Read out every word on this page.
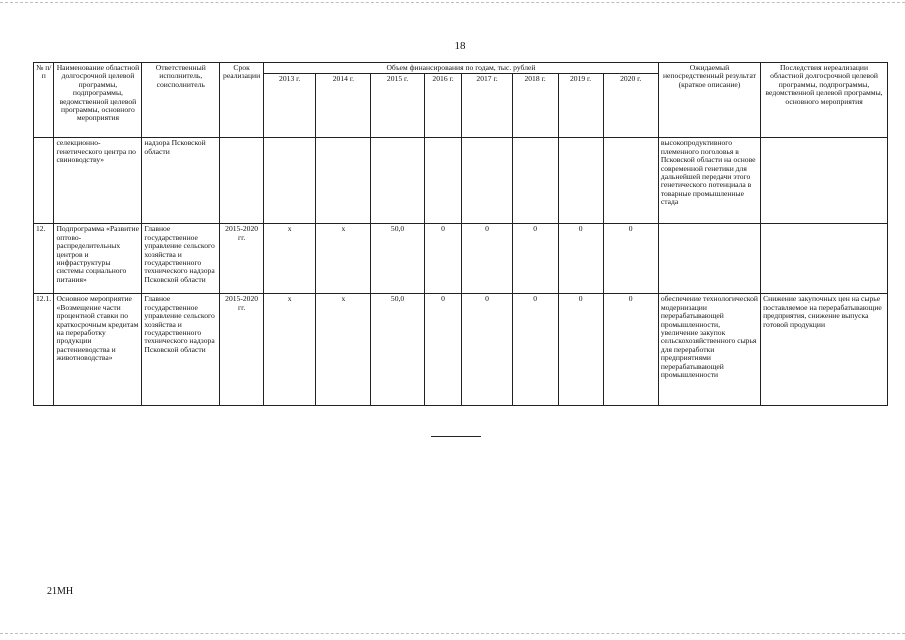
18
№ п/п	Наименование областной долгосрочной целевой программы, подпрограммы, ведомственной целевой программы, основного мероприятия	Ответственный исполнитель, соисполнитель	Срок реализации	Объем финансирования по годам, тыс. рублей								Ожидаемый непосредственный результат (краткое описание)	Последствия нереализации областной долгосрочной целевой программы, подпрограммы, ведомственной целевой программы, основного мероприятия
				2013 г.	2014 г.	2015 г.	2016 г.	2017 г.	2018 г.	2019 г.	2020 г.		
	селекционно-генетического центра по свиноводству»	надзора Псковской области										высокопродуктивного племенного поголовья в Псковской области на основе современной генетики для дальнейшей передачи этого генетического потенциала в товарные промышленные стада	
12.	Подпрограмма «Развитие оптово-распределительных центров и инфраструктуры системы социального питания»	Главное государственное управление сельского хозяйства и государственного технического надзора Псковской области	2015-2020 гг.	x	x	50,0	0	0	0	0	0		
12.1.	Основное мероприятие «Возмещение части процентной ставки по краткосрочным кредитам на переработку продукции растениеводства и животноводства»	Главное государственное управление сельского хозяйства и государственного технического надзора Псковской области	2015-2020 гг.	x	x	50,0	0	0	0	0	0	обеспечение технологической модернизации перерабатывающей промышленности, увеличение закупок сельскохозяйственного сырья для переработки предприятиями перерабатывающей промышленности	Снижение закупочных цен на сырье поставляемое на перерабатывающие предприятия, снижение выпуска готовой продукции
21МН
